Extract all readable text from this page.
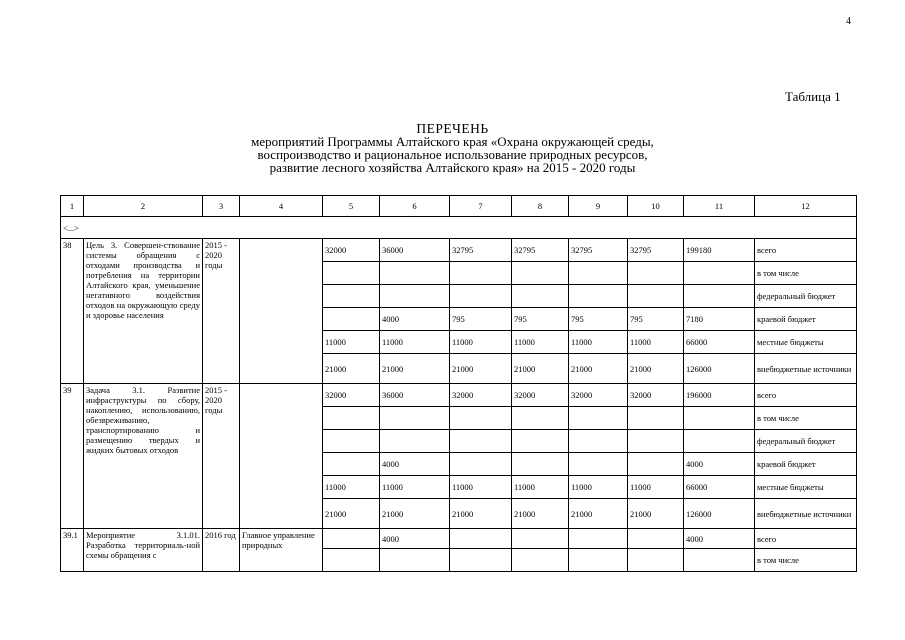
4
Таблица 1
ПЕРЕЧЕНЬ
мероприятий Программы Алтайского края «Охрана окружающей среды,
воспроизводство и рациональное использование природных ресурсов,
развитие лесного хозяйства Алтайского края» на 2015 - 2020 годы
1	2	3	4	5	6	7	8	9	10	11	12
<...>											
38	Цель 3. Совершен-ствование системы обращения с отходами производства и потребления на территории Алтайского края, уменьшение негативного воздействия отходов на окружающую среду и здоровье населения	2015 - 2020 годы		32000	36000	32795	32795	32795	32795	199180	всего
											в том числе
											федеральный бюджет
					4000	795	795	795	795	7180	краевой бюджет
				11000	11000	11000	11000	11000	11000	66000	местные бюджеты
				21000	21000	21000	21000	21000	21000	126000	внебюджетные источники
39	Задача 3.1. Развитие инфраструктуры по сбору, накоплению, использованию, обезвреживанию, транспортированию и размещению твердых и жидких бытовых отходов	2015 - 2020 годы		32000	36000	32000	32000	32000	32000	196000	всего
											в том числе
											федеральный бюджет
					4000					4000	краевой бюджет
				11000	11000	11000	11000	11000	11000	66000	местные бюджеты
				21000	21000	21000	21000	21000	21000	126000	внебюджетные источники
39.1	Мероприятие 3.1.01. Разработка территориаль-ной схемы обращения с	2016 год	Главное управление природных		4000					4000	всего
											в том числе
